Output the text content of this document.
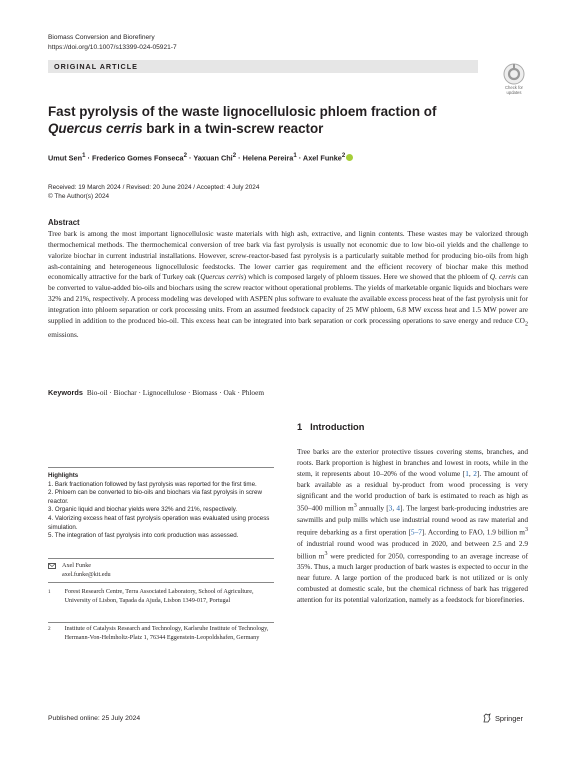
Biomass Conversion and Biorefinery
https://doi.org/10.1007/s13399-024-05921-7
ORIGINAL ARTICLE
Check for
updates
Fast pyrolysis of the waste lignocellulosic phloem fraction of Quercus cerris bark in a twin-screw reactor
Umut Sen$^1$ · Frederico Gomes Fonseca$^2$ · Yaxuan Chi$^2$ · Helena Pereira$^1$ · Axel Funke$^2$
Received: 19 March 2024 / Revised: 20 June 2024 / Accepted: 4 July 2024
© The Author(s) 2024
Abstract

Tree bark is among the most important lignocellulosic waste materials with high ash, extractive, and lignin contents. These wastes may be valorized through thermochemical methods. The thermochemical conversion of tree bark via fast pyrolysis is usually not economic due to low bio-oil yields and the challenge to valorize biochar in current industrial installations. However, screw-reactor-based fast pyrolysis is a particularly suitable method for producing bio-oils from high ash-containing and heterogeneous lignocellulosic feedstocks. The lower carrier gas requirement and the efficient recovery of biochar make this method economically attractive for the bark of Turkey oak (Quercus cerris) which is composed largely of phloem tissues. Here we showed that the phloem of Q. cerris can be converted to value-added bio-oils and biochars using the screw reactor without operational problems. The yields of marketable organic liquids and biochars were 32% and 21%, respectively. A process modeling was developed with ASPEN plus software to evaluate the available excess process heat of the fast pyrolysis unit for integration into phloem separation or cork processing units. From an assumed feedstock capacity of 25 MW phloem, 6.8 MW excess heat and 1.5 MW power are supplied in addition to the produced bio-oil. This excess heat can be integrated into bark separation or cork processing operations to save energy and reduce $CO_2$ emissions.

Keywords Bio-oil · Biochar · Lignocellulose · Biomass · Oak · Phloem
1 Introduction

Tree barks are the exterior protective tissues covering stems, branches, and roots. Bark proportion is highest in branches and lowest in roots, while in the stem, it represents about 10–20% of the wood volume [1, 2]. The amount of bark available as a residual by-product from wood processing is very significant and the world production of bark is estimated to reach as high as 350–400 million $m^3$ annually [3, 4]. The largest bark-producing industries are sawmills and pulp mills which use industrial round wood as raw material and require debarking as a first operation [5–7]. According to FAO, 1.9 billion $m^3$ of industrial round wood was produced in 2020, and between 2.5 and 2.9 billion $m^3$ were predicted for 2050, corresponding to an average increase of 35%. Thus, a much larger production of bark wastes is expected to occur in the near future. A large portion of the produced bark is not utilized or is only combusted at domestic scale, but the chemical richness of bark has triggered attention for its potential valorization, namely as a feedstock for biorefineries.

Highlights
1. Bark fractionation followed by fast pyrolysis was reported for the first time.
2. Phloem can be converted to bio-oils and biochars via fast pyrolysis in screw reactor.
3. Organic liquid and biochar yields were 32% and 21%, respectively.
4. Valorizing excess heat of fast pyrolysis operation was evaluated using process simulation.
5. The integration of fast pyrolysis into cork production was assessed.
Axel Funke
axel.funke@kit.edu
1 Forest Research Centre, Terra Associated Laboratory, School of Agriculture, University of Lisbon, Tapada da Ajuda, Lisbon 1349-017, Portugal
2 Institute of Catalysis Research and Technology, Karlsruhe Institute of Technology, Hermann-Von-Helmholtz-Platz 1, 76344 Eggenstein-Leopoldshafen, Germany
Published online: 25 July 2024	Springer
